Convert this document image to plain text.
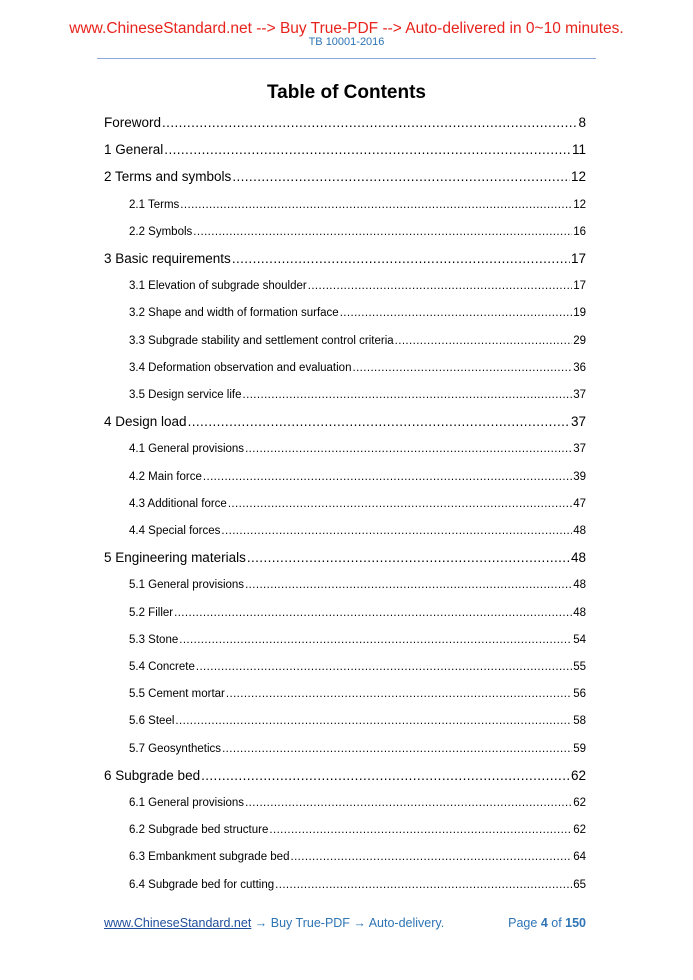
www.ChineseStandard.net --> Buy True-PDF --> Auto-delivered in 0~10 minutes.
TB 10001-2016
Table of Contents
Foreword .....	8
1 General .....	11
2 Terms and symbols .....	12
2.1 Terms .....	12
2.2 Symbols .....	16
3 Basic requirements .....	17
3.1 Elevation of subgrade shoulder .....	17
3.2 Shape and width of formation surface .....	19
3.3 Subgrade stability and settlement control criteria .....	29
3.4 Deformation observation and evaluation .....	36
3.5 Design service life .....	37
4 Design load .....	37
4.1 General provisions .....	37
4.2 Main force .....	39
4.3 Additional force .....	47
4.4 Special forces .....	48
5 Engineering materials .....	48
5.1 General provisions .....	48
5.2 Filler .....	48
5.3 Stone .....	54
5.4 Concrete .....	55
5.5 Cement mortar .....	56
5.6 Steel .....	58
5.7 Geosynthetics .....	59
6 Subgrade bed .....	62
6.1 General provisions .....	62
6.2 Subgrade bed structure .....	62
6.3 Embankment subgrade bed .....	64
6.4 Subgrade bed for cutting .....	65
www.ChineseStandard.net → Buy True-PDF → Auto-delivery.	Page 4 of 150
